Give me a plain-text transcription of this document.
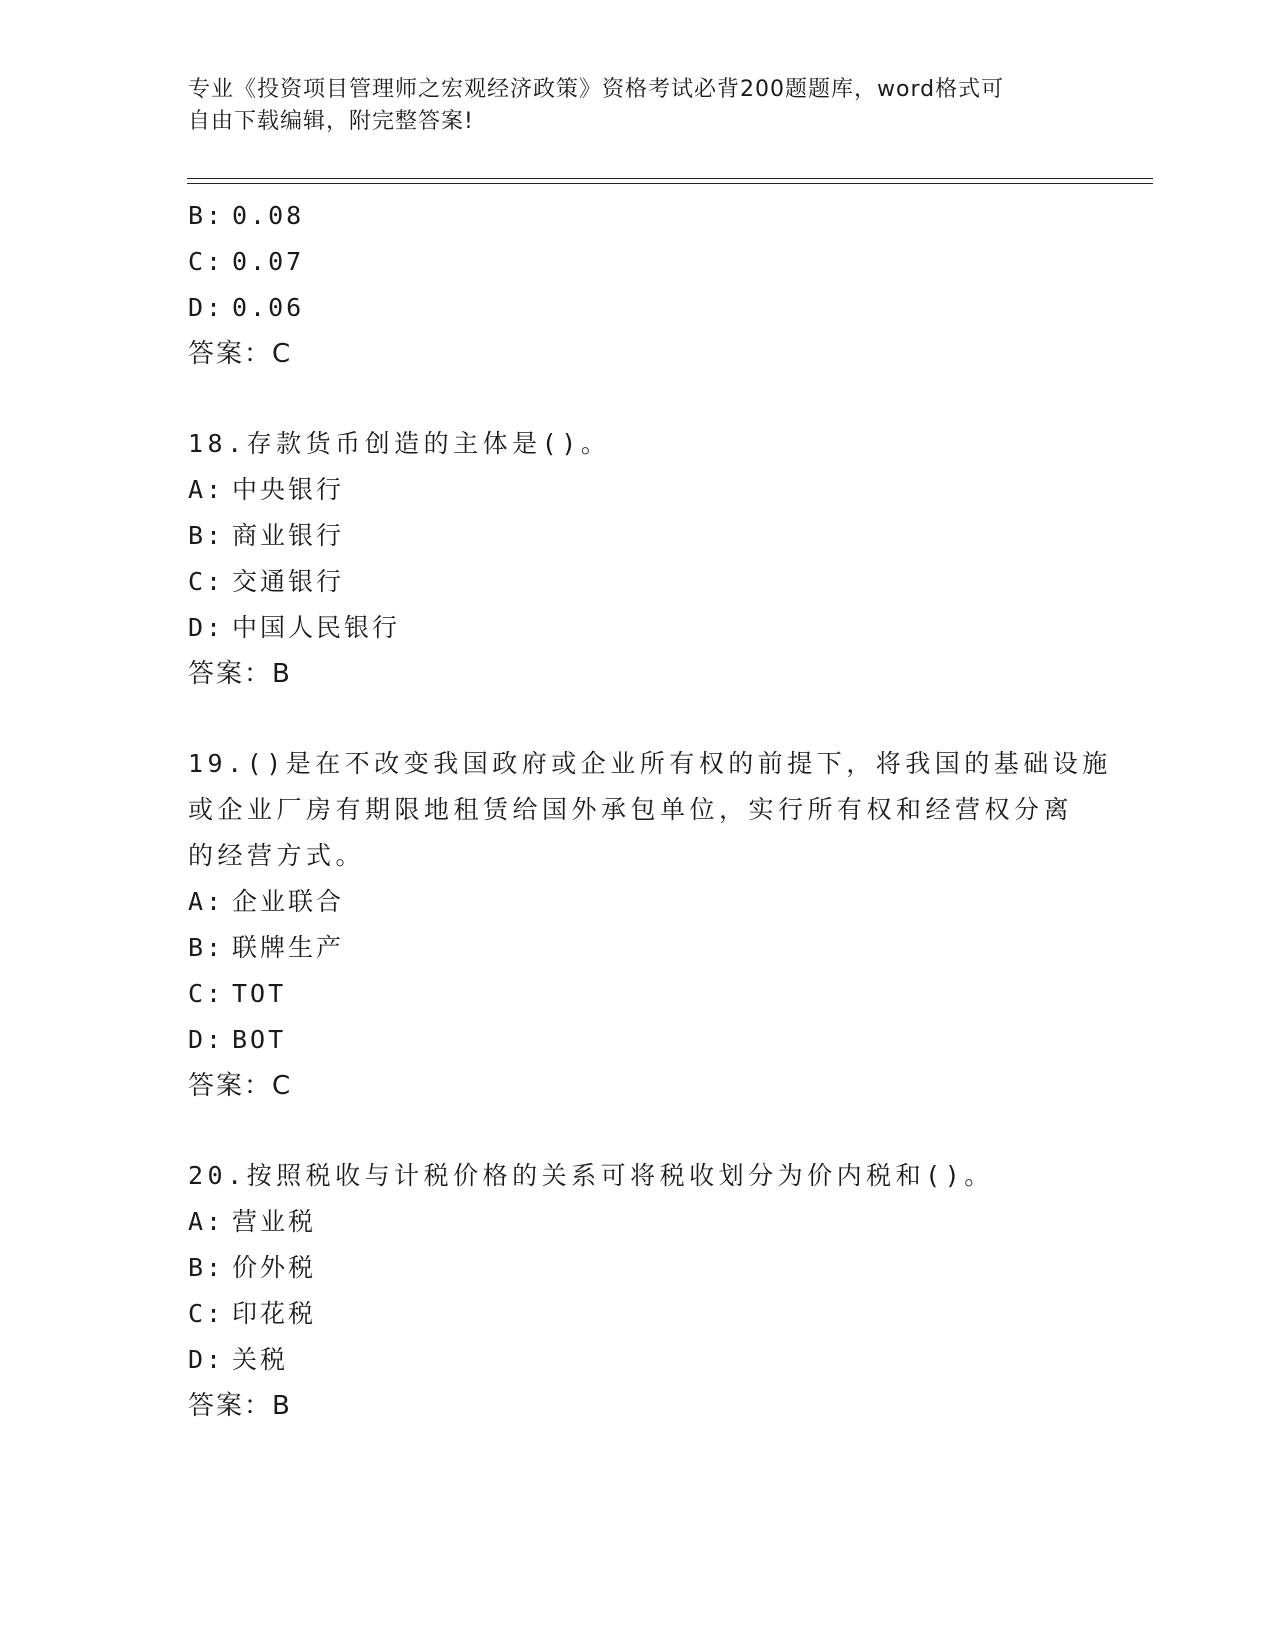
专业《投资项目管理师之宏观经济政策》资格考试必背200题题库，word格式可
自由下载编辑，附完整答案!
B: 0.08
C: 0.07
D: 0.06
答案：C
18.存款货币创造的主体是()。
A: 中央银行
B: 商业银行
C: 交通银行
D: 中国人民银行
答案：B
19.()是在不改变我国政府或企业所有权的前提下，将我国的基础设施
或企业厂房有期限地租赁给国外承包单位，实行所有权和经营权分离
的经营方式。
A: 企业联合
B: 联牌生产
C: TOT
D: BOT
答案：C
20.按照税收与计税价格的关系可将税收划分为价内税和()。
A: 营业税
B: 价外税
C: 印花税
D: 关税
答案：B
